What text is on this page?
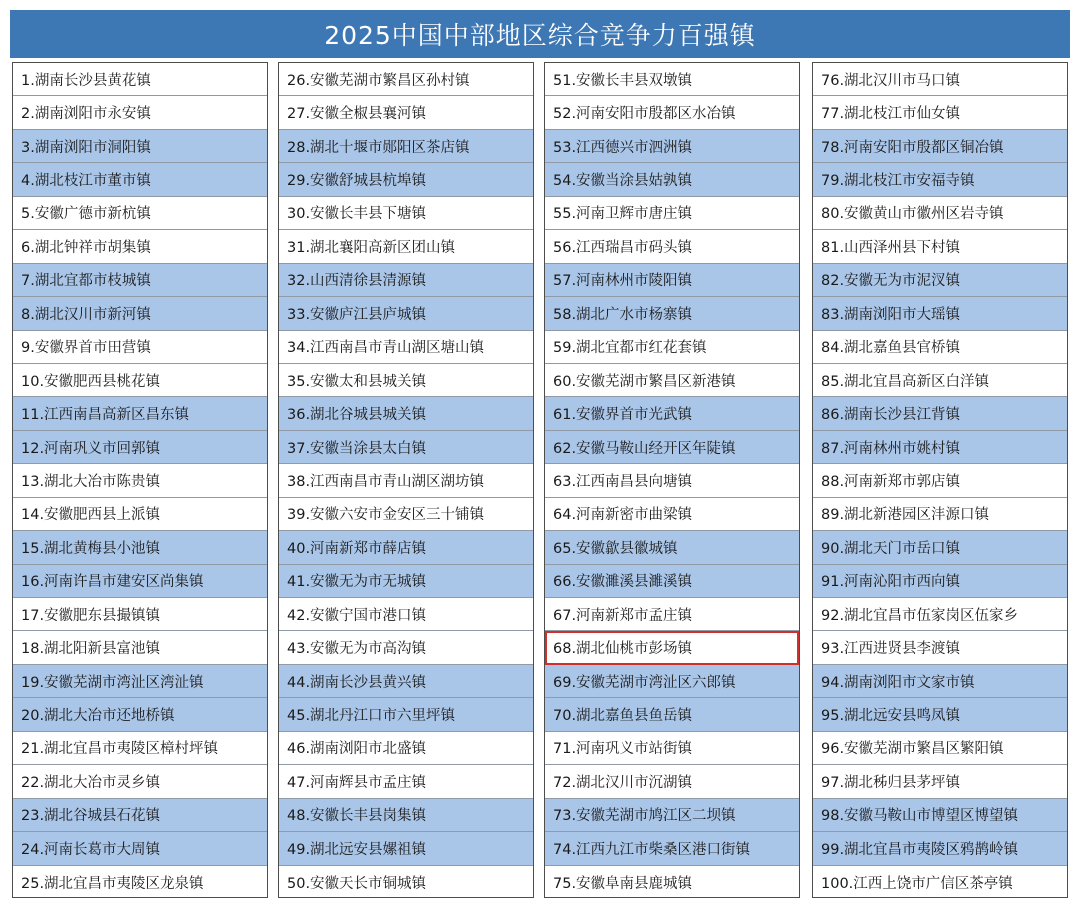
2025中国中部地区综合竞争力百强镇
1.湖南长沙县黄花镇
2.湖南浏阳市永安镇
3.湖南浏阳市洞阳镇
4.湖北枝江市董市镇
5.安徽广德市新杭镇
6.湖北钟祥市胡集镇
7.湖北宜都市枝城镇
8.湖北汉川市新河镇
9.安徽界首市田营镇
10.安徽肥西县桃花镇
11.江西南昌高新区昌东镇
12.河南巩义市回郭镇
13.湖北大冶市陈贵镇
14.安徽肥西县上派镇
15.湖北黄梅县小池镇
16.河南许昌市建安区尚集镇
17.安徽肥东县撮镇镇
18.湖北阳新县富池镇
19.安徽芜湖市湾沚区湾沚镇
20.湖北大冶市还地桥镇
21.湖北宜昌市夷陵区樟村坪镇
22.湖北大冶市灵乡镇
23.湖北谷城县石花镇
24.河南长葛市大周镇
25.湖北宜昌市夷陵区龙泉镇
26.安徽芜湖市繁昌区孙村镇
27.安徽全椒县襄河镇
28.湖北十堰市郧阳区茶店镇
29.安徽舒城县杭埠镇
30.安徽长丰县下塘镇
31.湖北襄阳高新区团山镇
32.山西清徐县清源镇
33.安徽庐江县庐城镇
34.江西南昌市青山湖区塘山镇
35.安徽太和县城关镇
36.湖北谷城县城关镇
37.安徽当涂县太白镇
38.江西南昌市青山湖区湖坊镇
39.安徽六安市金安区三十铺镇
40.河南新郑市薛店镇
41.安徽无为市无城镇
42.安徽宁国市港口镇
43.安徽无为市高沟镇
44.湖南长沙县黄兴镇
45.湖北丹江口市六里坪镇
46.湖南浏阳市北盛镇
47.河南辉县市孟庄镇
48.安徽长丰县岗集镇
49.湖北远安县嫘祖镇
50.安徽天长市铜城镇
51.安徽长丰县双墩镇
52.河南安阳市殷都区水冶镇
53.江西德兴市泗洲镇
54.安徽当涂县姑孰镇
55.河南卫辉市唐庄镇
56.江西瑞昌市码头镇
57.河南林州市陵阳镇
58.湖北广水市杨寨镇
59.湖北宜都市红花套镇
60.安徽芜湖市繁昌区新港镇
61.安徽界首市光武镇
62.安徽马鞍山经开区年陡镇
63.江西南昌县向塘镇
64.河南新密市曲梁镇
65.安徽歙县徽城镇
66.安徽濉溪县濉溪镇
67.河南新郑市孟庄镇
68.湖北仙桃市彭场镇
69.安徽芜湖市湾沚区六郎镇
70.湖北嘉鱼县鱼岳镇
71.河南巩义市站街镇
72.湖北汉川市沉湖镇
73.安徽芜湖市鸠江区二坝镇
74.江西九江市柴桑区港口街镇
75.安徽阜南县鹿城镇
76.湖北汉川市马口镇
77.湖北枝江市仙女镇
78.河南安阳市殷都区铜冶镇
79.湖北枝江市安福寺镇
80.安徽黄山市徽州区岩寺镇
81.山西泽州县下村镇
82.安徽无为市泥汊镇
83.湖南浏阳市大瑶镇
84.湖北嘉鱼县官桥镇
85.湖北宜昌高新区白洋镇
86.湖南长沙县江背镇
87.河南林州市姚村镇
88.河南新郑市郭店镇
89.湖北新港园区沣源口镇
90.湖北天门市岳口镇
91.河南沁阳市西向镇
92.湖北宜昌市伍家岗区伍家乡
93.江西进贤县李渡镇
94.湖南浏阳市文家市镇
95.湖北远安县鸣凤镇
96.安徽芜湖市繁昌区繁阳镇
97.湖北秭归县茅坪镇
98.安徽马鞍山市博望区博望镇
99.湖北宜昌市夷陵区鸦鹊岭镇
100.江西上饶市广信区茶亭镇
